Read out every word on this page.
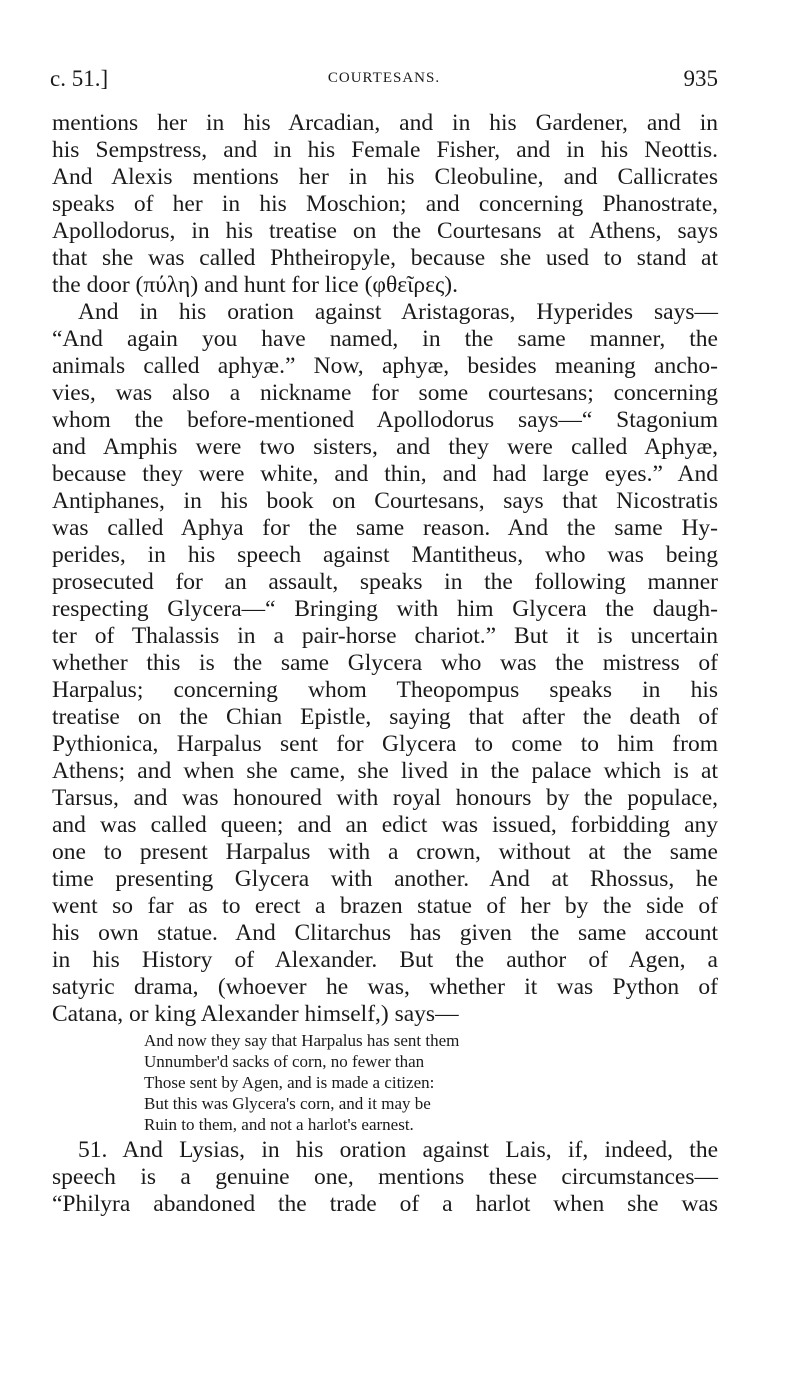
c. 51.]	COURTESANS.	935
mentions her in his Arcadian, and in his Gardener, and in
his Sempstress, and in his Female Fisher, and in his Neottis.
And Alexis mentions her in his Cleobuline, and Callicrates
speaks of her in his Moschion; and concerning Phanostrate,
Apollodorus, in his treatise on the Courtesans at Athens, says
that she was called Phtheiropyle, because she used to stand at
the door (πύλη) and hunt for lice (φθεῖρες).
And in his oration against Aristagoras, Hyperides says—
“And again you have named, in the same manner, the
animals called aphyæ.” Now, aphyæ, besides meaning ancho-
vies, was also a nickname for some courtesans; concerning
whom the before-mentioned Apollodorus says—“ Stagonium
and Amphis were two sisters, and they were called Aphyæ,
because they were white, and thin, and had large eyes.” And
Antiphanes, in his book on Courtesans, says that Nicostratis
was called Aphya for the same reason. And the same Hy-
perides, in his speech against Mantitheus, who was being
prosecuted for an assault, speaks in the following manner
respecting Glycera—“ Bringing with him Glycera the daugh-
ter of Thalassis in a pair-horse chariot.” But it is uncertain
whether this is the same Glycera who was the mistress of
Harpalus; concerning whom Theopompus speaks in his
treatise on the Chian Epistle, saying that after the death of
Pythionica, Harpalus sent for Glycera to come to him from
Athens; and when she came, she lived in the palace which is at
Tarsus, and was honoured with royal honours by the populace,
and was called queen; and an edict was issued, forbidding any
one to present Harpalus with a crown, without at the same
time presenting Glycera with another. And at Rhossus, he
went so far as to erect a brazen statue of her by the side of
his own statue. And Clitarchus has given the same account
in his History of Alexander. But the author of Agen, a
satyric drama, (whoever he was, whether it was Python of
Catana, or king Alexander himself,) says—
And now they say that Harpalus has sent them
Unnumber'd sacks of corn, no fewer than
Those sent by Agen, and is made a citizen:
But this was Glycera's corn, and it may be
Ruin to them, and not a harlot's earnest.
51. And Lysias, in his oration against Lais, if, indeed, the
speech is a genuine one, mentions these circumstances—
“Philyra abandoned the trade of a harlot when she was
